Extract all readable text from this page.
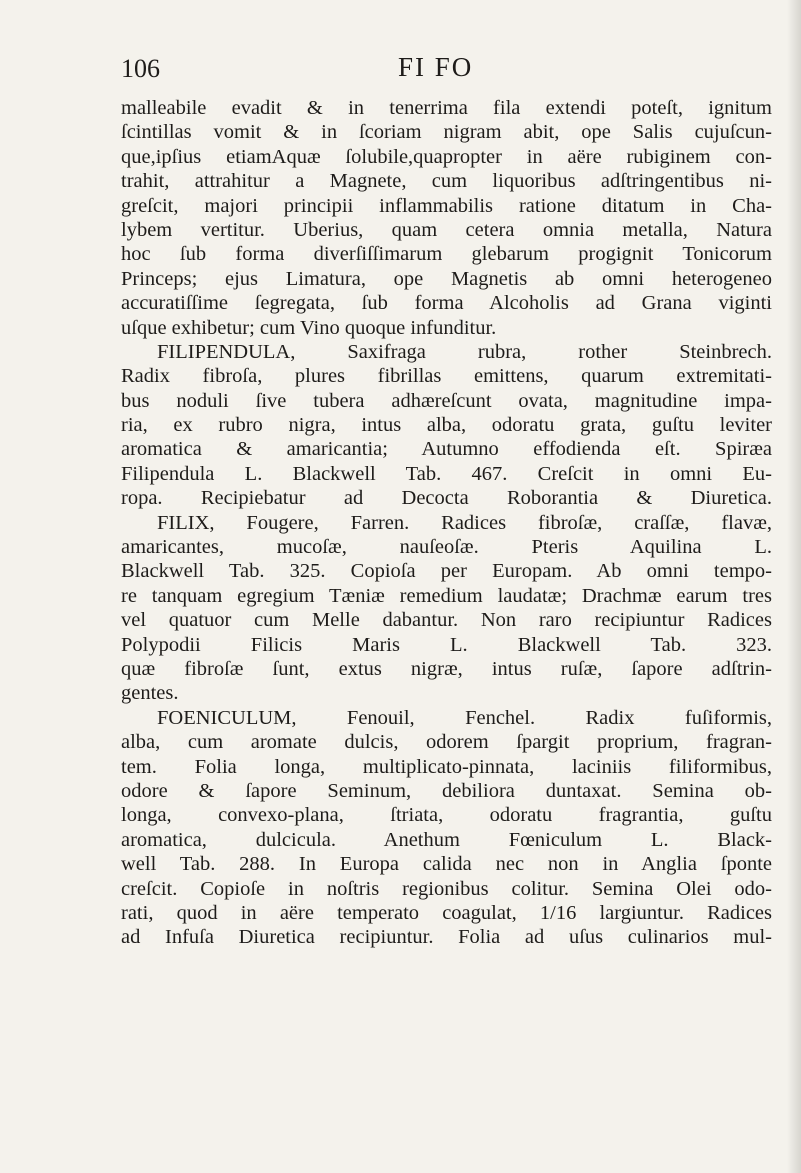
106	FI FO
malleabile evadit & in tenerrima fila extendi poteſt, ignitum
ſcintillas vomit & in ſcoriam nigram abit, ope Salis cujuſcun-
que,ipſius etiamAquæ ſolubile,quapropter in aëre rubiginem con-
trahit, attrahitur a Magnete, cum liquoribus adſtringentibus ni-
greſcit, majori principii inflammabilis ratione ditatum in Cha-
lybem vertitur. Uberius, quam cetera omnia metalla, Natura
hoc ſub forma diverſiſſimarum glebarum progignit Tonicorum
Princeps; ejus Limatura, ope Magnetis ab omni heterogeneo
accuratiſſime ſegregata, ſub forma Alcoholis ad Grana viginti
uſque exhibetur; cum Vino quoque infunditur.
FILIPENDULA, Saxifraga rubra, rother Steinbrech.
Radix fibroſa, plures fibrillas emittens, quarum extremitati-
bus noduli ſive tubera adhæreſcunt ovata, magnitudine impa-
ria, ex rubro nigra, intus alba, odoratu grata, guſtu leviter
aromatica & amaricantia; Autumno effodienda eſt. Spiræa
Filipendula L. Blackwell Tab. 467. Creſcit in omni Eu-
ropa. Recipiebatur ad Decocta Roborantia & Diuretica.
FILIX, Fougere, Farren. Radices fibroſæ, craſſæ, flavæ,
amaricantes, mucoſæ, nauſeoſæ. Pteris Aquilina L.
Blackwell Tab. 325. Copioſa per Europam. Ab omni tempo-
re tanquam egregium Tæniæ remedium laudatæ; Drachmæ earum tres
vel quatuor cum Melle dabantur. Non raro recipiuntur Radices
Polypodii Filicis Maris L. Blackwell Tab. 323.
quæ fibroſæ ſunt, extus nigræ, intus ruſæ, ſapore adſtrin-
gentes.
FOENICULUM, Fenouil, Fenchel. Radix fuſiformis,
alba, cum aromate dulcis, odorem ſpargit proprium, fragran-
tem. Folia longa, multiplicato-pinnata, laciniis filiformibus,
odore & ſapore Seminum, debiliora duntaxat. Semina ob-
longa, convexo-plana, ſtriata, odoratu fragrantia, guſtu
aromatica, dulcicula. Anethum Fœniculum L. Black-
well Tab. 288. In Europa calida nec non in Anglia ſponte
creſcit. Copioſe in noſtris regionibus colitur. Semina Olei odo-
rati, quod in aëre temperato coagulat, 1/16 largiuntur. Radices
ad Infuſa Diuretica recipiuntur. Folia ad uſus culinarios mul-
